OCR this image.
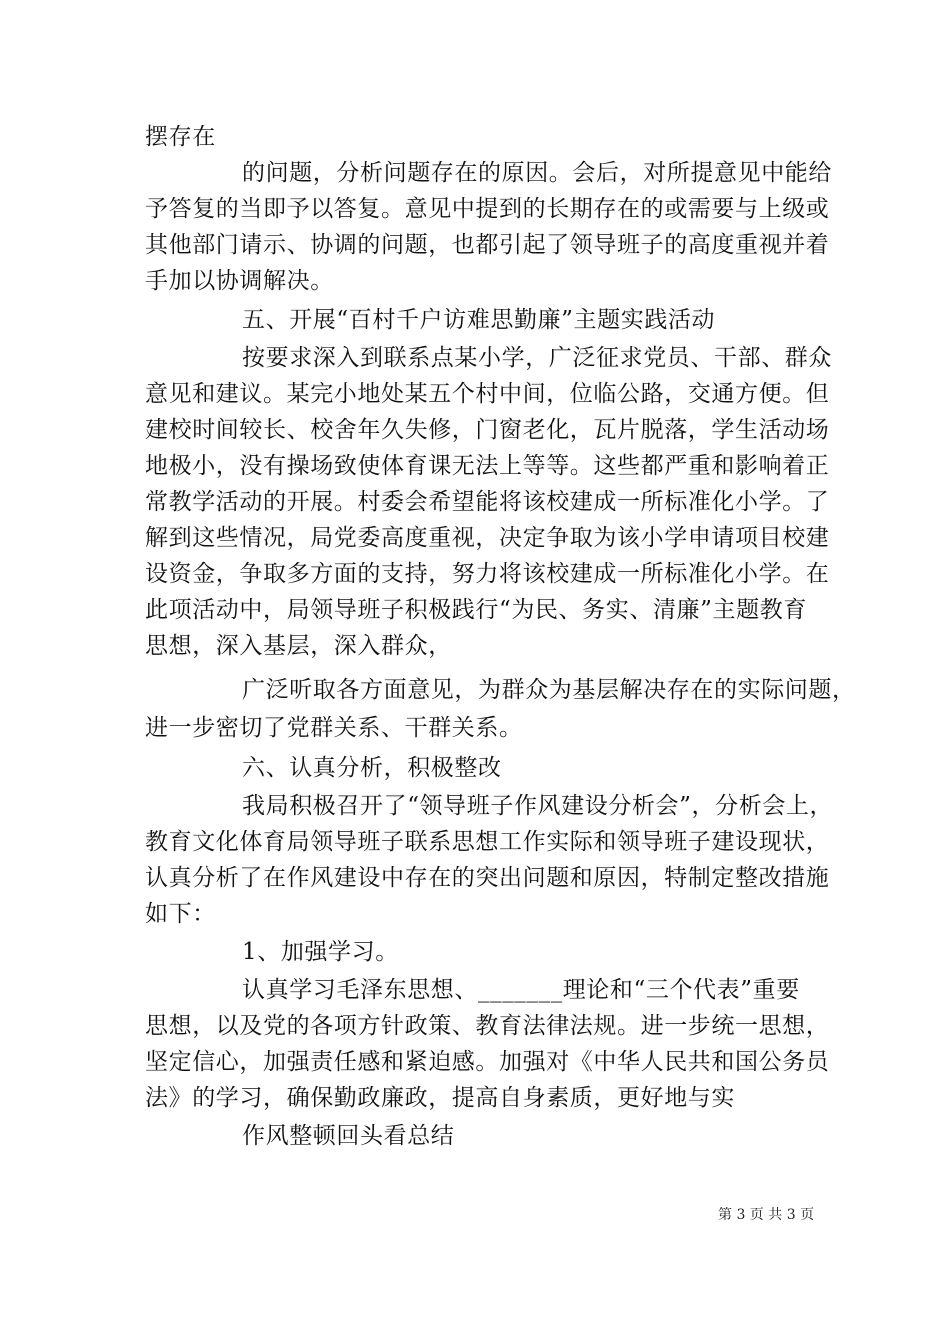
摆存在
的问题，分析问题存在的原因。会后，对所提意见中能给
予答复的当即予以答复。意见中提到的长期存在的或需要与上级或
其他部门请示、协调的问题，也都引起了领导班子的高度重视并着
手加以协调解决。
五、开展“百村千户访难思勤廉”主题实践活动
按要求深入到联系点某小学，广泛征求党员、干部、群众
意见和建议。某完小地处某五个村中间，位临公路，交通方便。但
建校时间较长、校舍年久失修，门窗老化，瓦片脱落，学生活动场
地极小，没有操场致使体育课无法上等等。这些都严重和影响着正
常教学活动的开展。村委会希望能将该校建成一所标准化小学。了
解到这些情况，局党委高度重视，决定争取为该小学申请项目校建
设资金，争取多方面的支持，努力将该校建成一所标准化小学。在
此项活动中，局领导班子积极践行“为民、务实、清廉”主题教育
思想，深入基层，深入群众，
广泛听取各方面意见，为群众为基层解决存在的实际问题，
进一步密切了党群关系、干群关系。
六、认真分析，积极整改
我局积极召开了“领导班子作风建设分析会”，分析会上，
教育文化体育局领导班子联系思想工作实际和领导班子建设现状，
认真分析了在作风建设中存在的突出问题和原因，特制定整改措施
如下：
1、加强学习。
认真学习毛泽东思想、_______理论和“三个代表”重要
思想，以及党的各项方针政策、教育法律法规。进一步统一思想，
坚定信心，加强责任感和紧迫感。加强对《中华人民共和国公务员
法》的学习，确保勤政廉政，提高自身素质，更好地与实
作风整顿回头看总结
第 3 页 共 3 页
